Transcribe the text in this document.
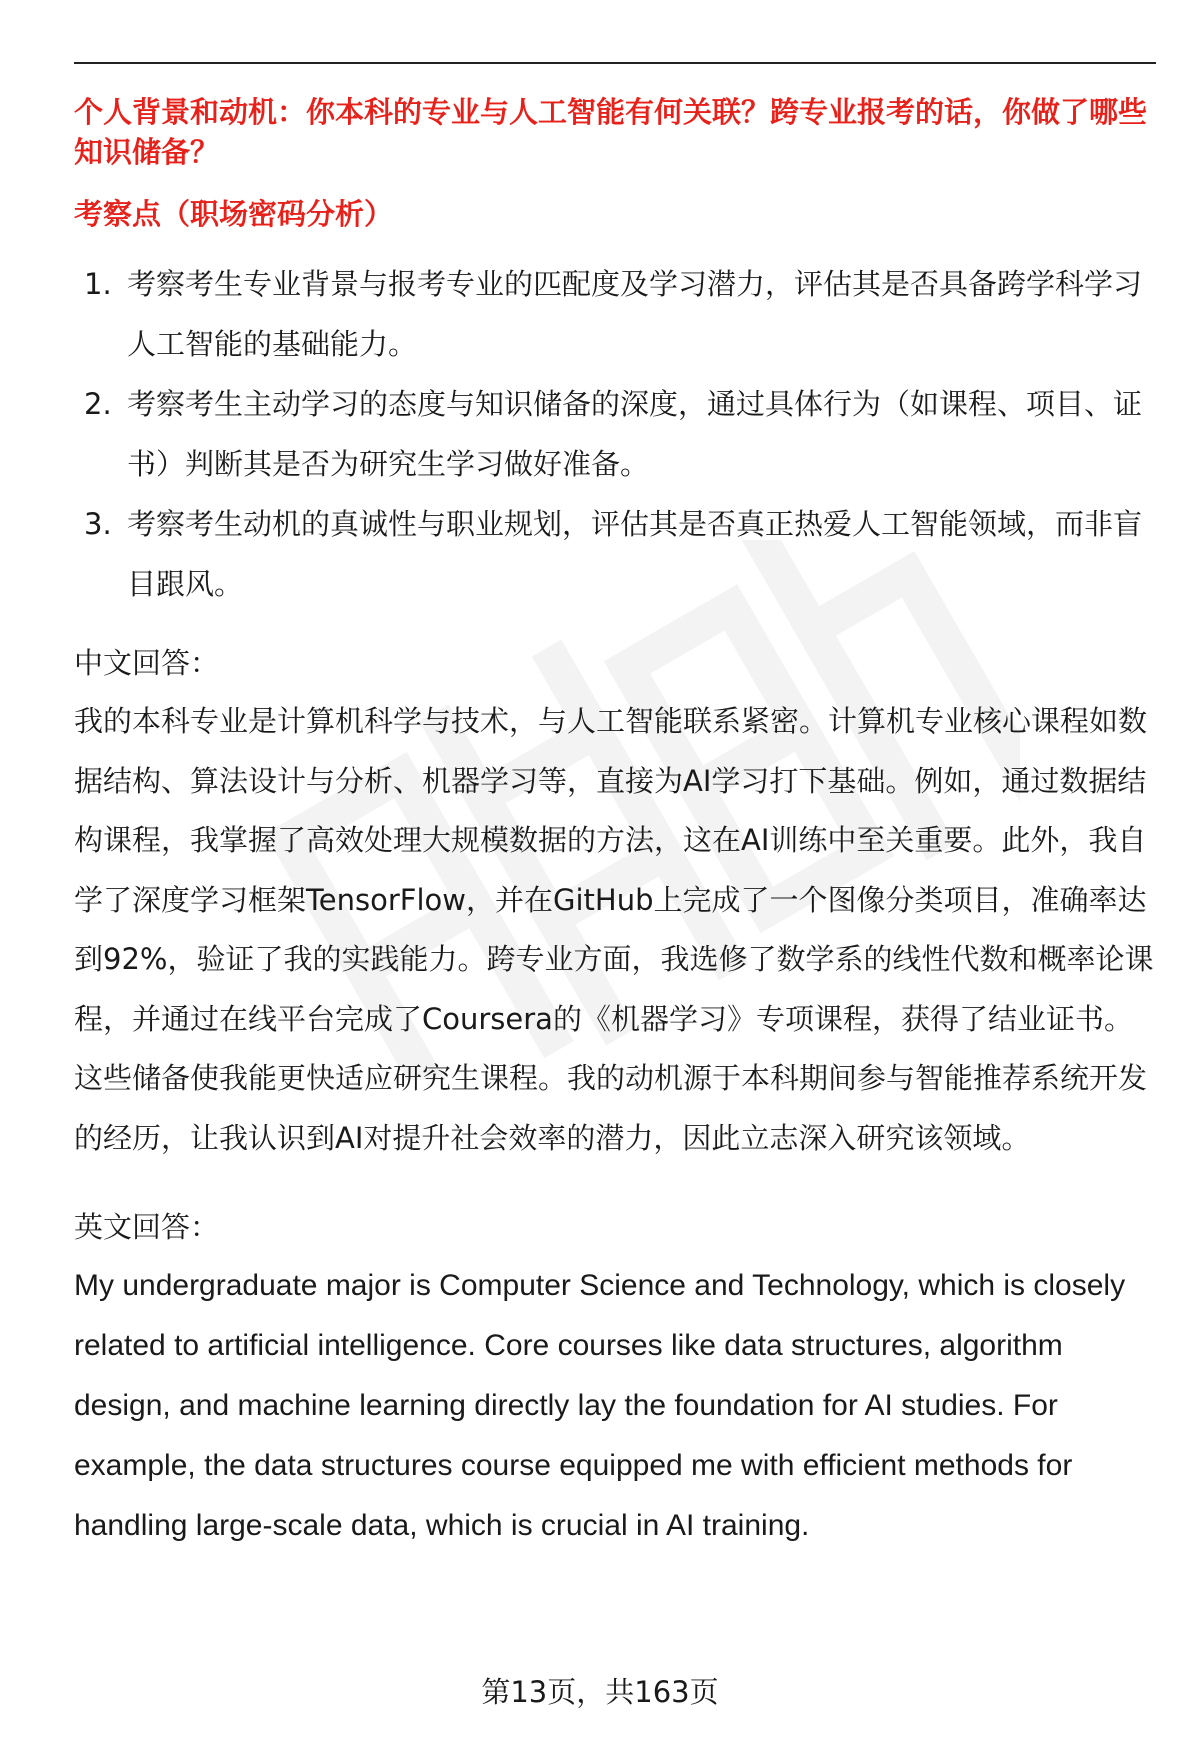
个人背景和动机：你本科的专业与人工智能有何关联？跨专业报考的话，你做了哪些知识储备？

考察点（职场密码分析）

1. 考察考生专业背景与报考专业的匹配度及学习潜力，评估其是否具备跨学科学习人工智能的基础能力。
2. 考察考生主动学习的态度与知识储备的深度，通过具体行为（如课程、项目、证书）判断其是否为研究生学习做好准备。
3. 考察考生动机的真诚性与职业规划，评估其是否真正热爱人工智能领域，而非盲目跟风。

中文回答：

我的本科专业是计算机科学与技术，与人工智能联系紧密。计算机专业核心课程如数据结构、算法设计与分析、机器学习等，直接为AI学习打下基础。例如，通过数据结构课程，我掌握了高效处理大规模数据的方法，这在AI训练中至关重要。此外，我自学了深度学习框架TensorFlow，并在GitHub上完成了一个图像分类项目，准确率达到92%，验证了我的实践能力。跨专业方面，我选修了数学系的线性代数和概率论课程，并通过在线平台完成了Coursera的《机器学习》专项课程，获得了结业证书。这些储备使我能更快适应研究生课程。我的动机源于本科期间参与智能推荐系统开发的经历，让我认识到AI对提升社会效率的潜力，因此立志深入研究该领域。

英文回答：

My undergraduate major is Computer Science and Technology, which is closely related to artificial intelligence. Core courses like data structures, algorithm design, and machine learning directly lay the foundation for AI studies. For example, the data structures course equipped me with efficient methods for handling large-scale data, which is crucial in AI training.

第13页，共163页
